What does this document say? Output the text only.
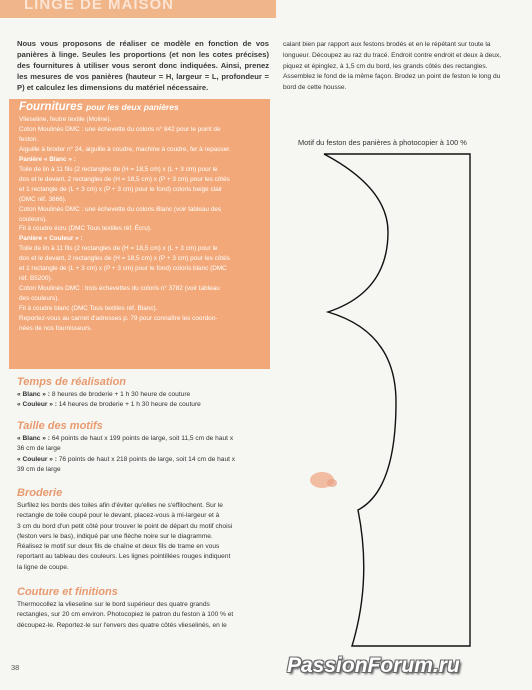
LINGE DE MAISON
Nous vous proposons de réaliser ce modèle en fonction de vos panières à linge. Seules les proportions (et non les cotes précises) des fournitures à utiliser vous seront donc indiquées. Ainsi, prenez les mesures de vos panières (hauteur = H, largeur = L, profondeur = P) et calculez les dimensions du matériel nécessaire.
Fournitures pour les deux panières
Vlieseline, feutre textile (Moline).
Coton Moulinés DMC : une échevette du coloris n° 842 pour le point de
feston.
Aiguille à broder n° 24, aiguille à coudre, machine à coudre, fer à repasser.
Panière « Blanc » :
Toile de lin à 11 fils (2 rectangles de (H = 18,5 cm) x (L + 3 cm) pour le
dos et le devant, 2 rectangles de (H = 18,5 cm) x (P + 3 cm) pour les côtés
et 1 rectangle de (L + 3 cm) x (P + 3 cm) pour le fond) coloris beige clair
(DMC réf. 3866).
Coton Moulinés DMC : une échevette du coloris Blanc (voir tableau des
couleurs).
Fil à coudre écru (DMC Tous textiles réf. Écru).
Panière « Couleur » :
Toile de lin à 11 fils (2 rectangles de (H = 18,5 cm) x (L + 3 cm) pour le
dos et le devant, 2 rectangles de (H = 18,5 cm) x (P + 3 cm) pour les côtés
et 1 rectangle de (L + 3 cm) x (P + 3 cm) pour le fond) coloris blanc (DMC
réf. B5200).
Coton Moulinés DMC : trois échevettes du coloris n° 3782 (voir tableau
des couleurs).
Fil à coudre blanc (DMC Tous textiles réf. Blanc).
Reportez-vous au carnet d'adresses p. 79 pour connaître les coordon-
nées de nos fournisseurs.
Temps de réalisation

« Blanc » : 8 heures de broderie + 1 h 30 heure de couture
« Couleur » : 14 heures de broderie + 1 h 30 heure de couture

Taille des motifs

« Blanc » : 64 points de haut x 199 points de large, soit 11,5 cm de haut x
36 cm de large
« Couleur » : 76 points de haut x 218 points de large, soit 14 cm de haut x
39 cm de large

Broderie

Surfilez les bords des toiles afin d'éviter qu'elles ne s'effilochent. Sur le
rectangle de toile coupé pour le devant, placez-vous à mi-largeur et à
3 cm du bord d'un petit côté pour trouver le point de départ du motif choisi
(feston vers le bas), indiqué par une flèche noire sur le diagramme.
Réalisez le motif sur deux fils de chaîne et deux fils de trame en vous
reportant au tableau des couleurs. Les lignes pointillées rouges indiquent
la ligne de coupe.

Couture et finitions

Thermocollez la vlieseline sur le bord supérieur des quatre grands
rectangles, sur 20 cm environ. Photocopiez le patron du feston à 100 % et
découpez-le. Reportez-le sur l'envers des quatre côtés vlieselinés, en le

calant bien par rapport aux festons brodés et en le répétant sur toute la
longueur. Découpez au raz du tracé. Endroit contre endroit et deux à deux,
piquez et épinglez, à 1,5 cm du bord, les grands côtés des rectangles.
Assemblez le fond de la même façon. Brodez un point de feston le long du
bord de cette housse.
Motif du feston des panières à photocopier à 100 %
38	PassionForum.ru
